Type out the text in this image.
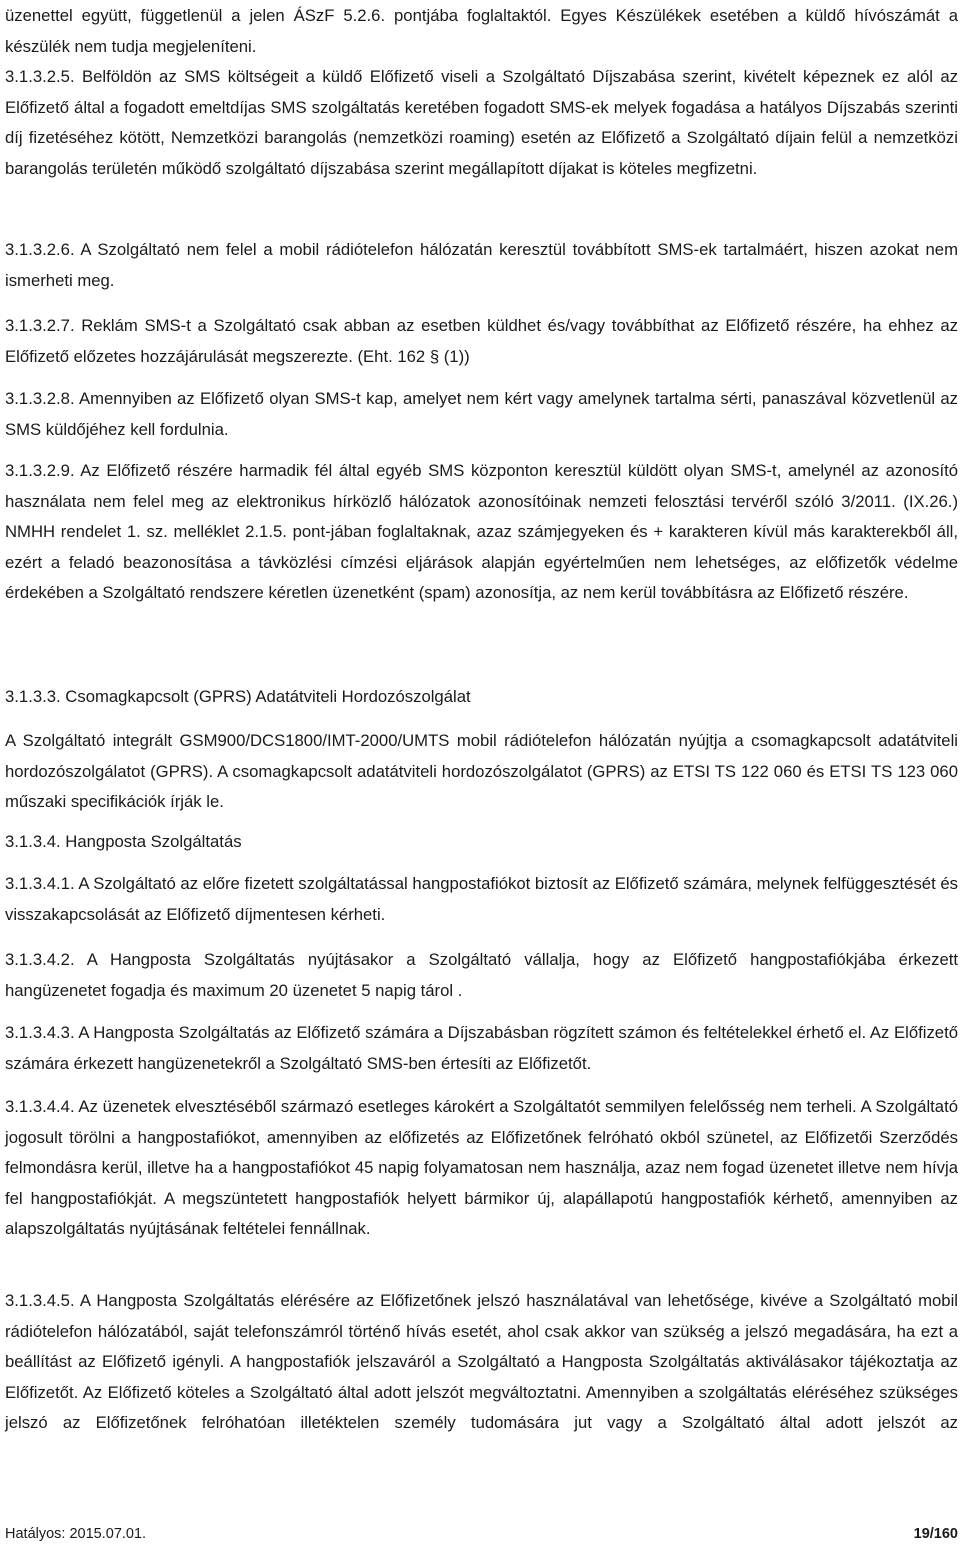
üzenettel együtt, függetlenül a jelen ÁSzF 5.2.6. pontjába foglaltaktól. Egyes Készülékek esetében a küldő hívószámát a készülék nem tudja megjeleníteni.

3.1.3.2.5. Belföldön az SMS költségeit a küldő Előfizető viseli a Szolgáltató Díjszabása szerint, kivételt képeznek ez alól az Előfizető által a fogadott emeltdíjas SMS szolgáltatás keretében fogadott SMS-ek melyek fogadása a hatályos Díjszabás szerinti díj fizetéséhez kötött, Nemzetközi barangolás (nemzetközi roaming) esetén az Előfizető a Szolgáltató díjain felül a nemzetközi barangolás területén működő szolgáltató díjszabása szerint megállapított díjakat is köteles megfizetni.

3.1.3.2.6. A Szolgáltató nem felel a mobil rádiótelefon hálózatán keresztül továbbított SMS-ek tartalmáért, hiszen azokat nem ismerheti meg.

3.1.3.2.7. Reklám SMS-t a Szolgáltató csak abban az esetben küldhet és/vagy továbbíthat az Előfizető részére, ha ehhez az Előfizető előzetes hozzájárulását megszerezte. (Eht. 162 § (1))

3.1.3.2.8. Amennyiben az Előfizető olyan SMS-t kap, amelyet nem kért vagy amelynek tartalma sérti, panaszával közvetlenül az SMS küldőjéhez kell fordulnia.

3.1.3.2.9. Az Előfizető részére harmadik fél által egyéb SMS központon keresztül küldött olyan SMS-t, amelynél az azonosító használata nem felel meg az elektronikus hírközlő hálózatok azonosítóinak nemzeti felosztási tervéről szóló 3/2011. (IX.26.) NMHH rendelet 1. sz. melléklet 2.1.5. pont-jában foglaltaknak, azaz számjegyeken és + karakteren kívül más karakterekből áll, ezért a feladó beazonosítása a távközlési címzési eljárások alapján egyértelműen nem lehetséges, az előfizetők védelme érdekében a Szolgáltató rendszere kéretlen üzenetként (spam) azonosítja, az nem kerül továbbításra az Előfizető részére.

3.1.3.3. Csomagkapcsolt (GPRS) Adatátviteli Hordozószolgálat

A Szolgáltató integrált GSM900/DCS1800/IMT-2000/UMTS mobil rádiótelefon hálózatán nyújtja a csomagkapcsolt adatátviteli hordozószolgálatot (GPRS). A csomagkapcsolt adatátviteli hordozószolgálatot (GPRS) az ETSI TS 122 060 és ETSI TS 123 060 műszaki specifikációk írják le.

3.1.3.4. Hangposta Szolgáltatás

3.1.3.4.1. A Szolgáltató az előre fizetett szolgáltatással hangpostafiókot biztosít az Előfizető számára, melynek felfüggesztését és visszakapcsolását az Előfizető díjmentesen kérheti.

3.1.3.4.2. A Hangposta Szolgáltatás nyújtásakor a Szolgáltató vállalja, hogy az Előfizető hangpostafiókjába érkezett hangüzenetet fogadja és maximum 20 üzenetet 5 napig tárol .

3.1.3.4.3. A Hangposta Szolgáltatás az Előfizető számára a Díjszabásban rögzített számon és feltételekkel érhető el. Az Előfizető számára érkezett hangüzenetekről a Szolgáltató SMS-ben értesíti az Előfizetőt.

3.1.3.4.4. Az üzenetek elvesztéséből származó esetleges károkért a Szolgáltatót semmilyen felelősség nem terheli. A Szolgáltató jogosult törölni a hangpostafiókot, amennyiben az előfizetés az Előfizetőnek felróható okból szünetel, az Előfizetői Szerződés felmondásra kerül, illetve ha a hangpostafiókot 45 napig folyamatosan nem használja, azaz nem fogad üzenetet illetve nem hívja fel hangpostafiókját. A megszüntetett hangpostafiók helyett bármikor új, alapállapotú hangpostafiók kérhető, amennyiben az alapszolgáltatás nyújtásának feltételei fennállnak.

3.1.3.4.5. A Hangposta Szolgáltatás elérésére az Előfizetőnek jelszó használatával van lehetősége, kivéve a Szolgáltató mobil rádiótelefon hálózatából, saját telefonszámról történő hívás esetét, ahol csak akkor van szükség a jelszó megadására, ha ezt a beállítást az Előfizető igényli. A hangpostafiók jelszaváról a Szolgáltató a Hangposta Szolgáltatás aktiválásakor tájékoztatja az Előfizetőt. Az Előfizető köteles a Szolgáltató által adott jelszót megváltoztatni. Amennyiben a szolgáltatás eléréséhez szükséges jelszó az Előfizetőnek felróhatóan illetéktelen személy tudomására jut vagy a Szolgáltató által adott jelszót az

Hatályos: 2015.07.01.	19/160
